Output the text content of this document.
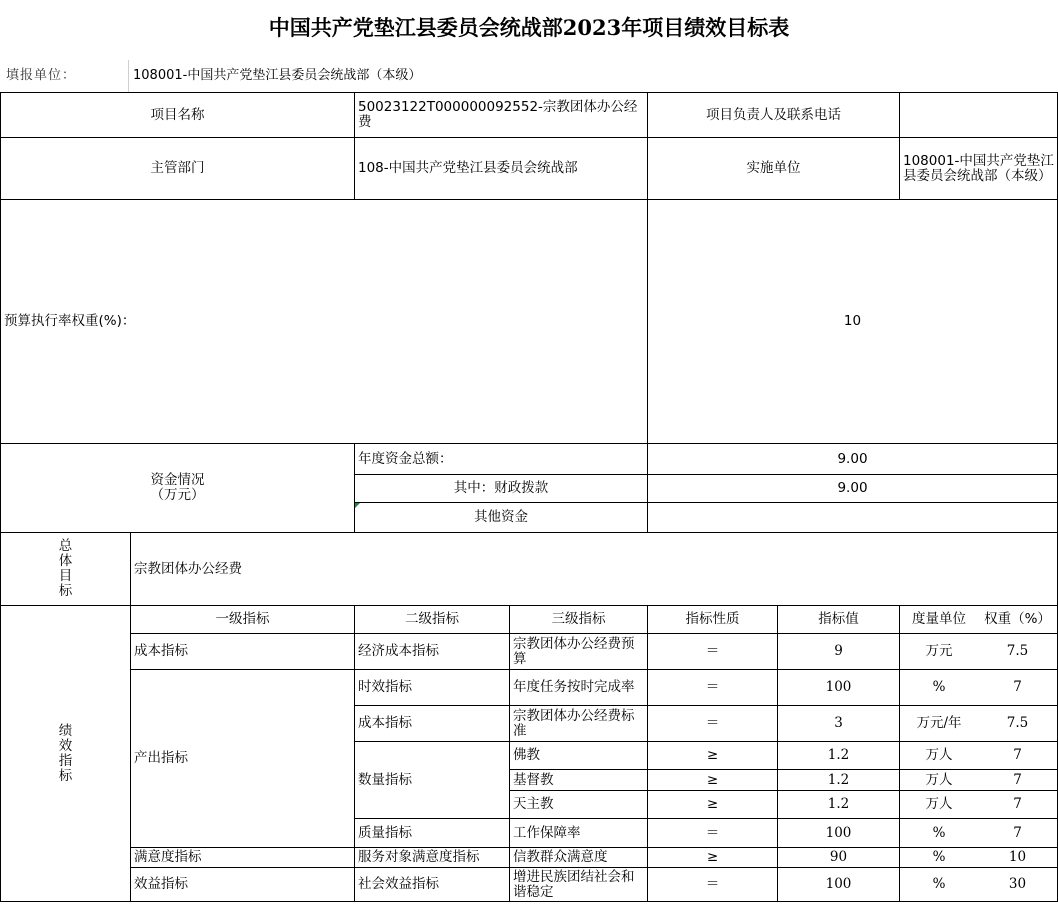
中国共产党垫江县委员会统战部2023年项目绩效目标表
填报单位：	108001-中国共产党垫江县委员会统战部（本级）
项目名称		50023122T000000092552-宗教团体办公经费		项目负责人及联系电话		
主管部门		108-中国共产党垫江县委员会统战部		实施单位		108001-中国共产党垫江县委员会统战部（本级）
预算执行率权重(%)：				10		
资金情况
（万元）		年度资金总额：		9.00		
		其中：财政拨款		9.00		
		其他资金				
总体目标	宗教团体办公经费					
绩效指标	一级指标	二级指标	三级指标	指标性质	指标值	度量单位 权重（%）

	成本指标	经济成本指标	宗教团体办公经费预算	＝	9	万元 7.5

	产出指标	时效指标	年度任务按时完成率	＝	100	% 7

		成本指标	宗教团体办公经费标准	＝	3	万元/年 7.5

		数量指标	佛教	≥	1.2	万人 7

			基督教	≥	1.2	万人 7

			天主教	≥	1.2	万人 7

		质量指标	工作保障率	＝	100	% 7

	满意度指标	服务对象满意度指标	信教群众满意度	≥	90	% 10

	效益指标	社会效益指标	增进民族团结社会和谐稳定	＝	100	% 30
